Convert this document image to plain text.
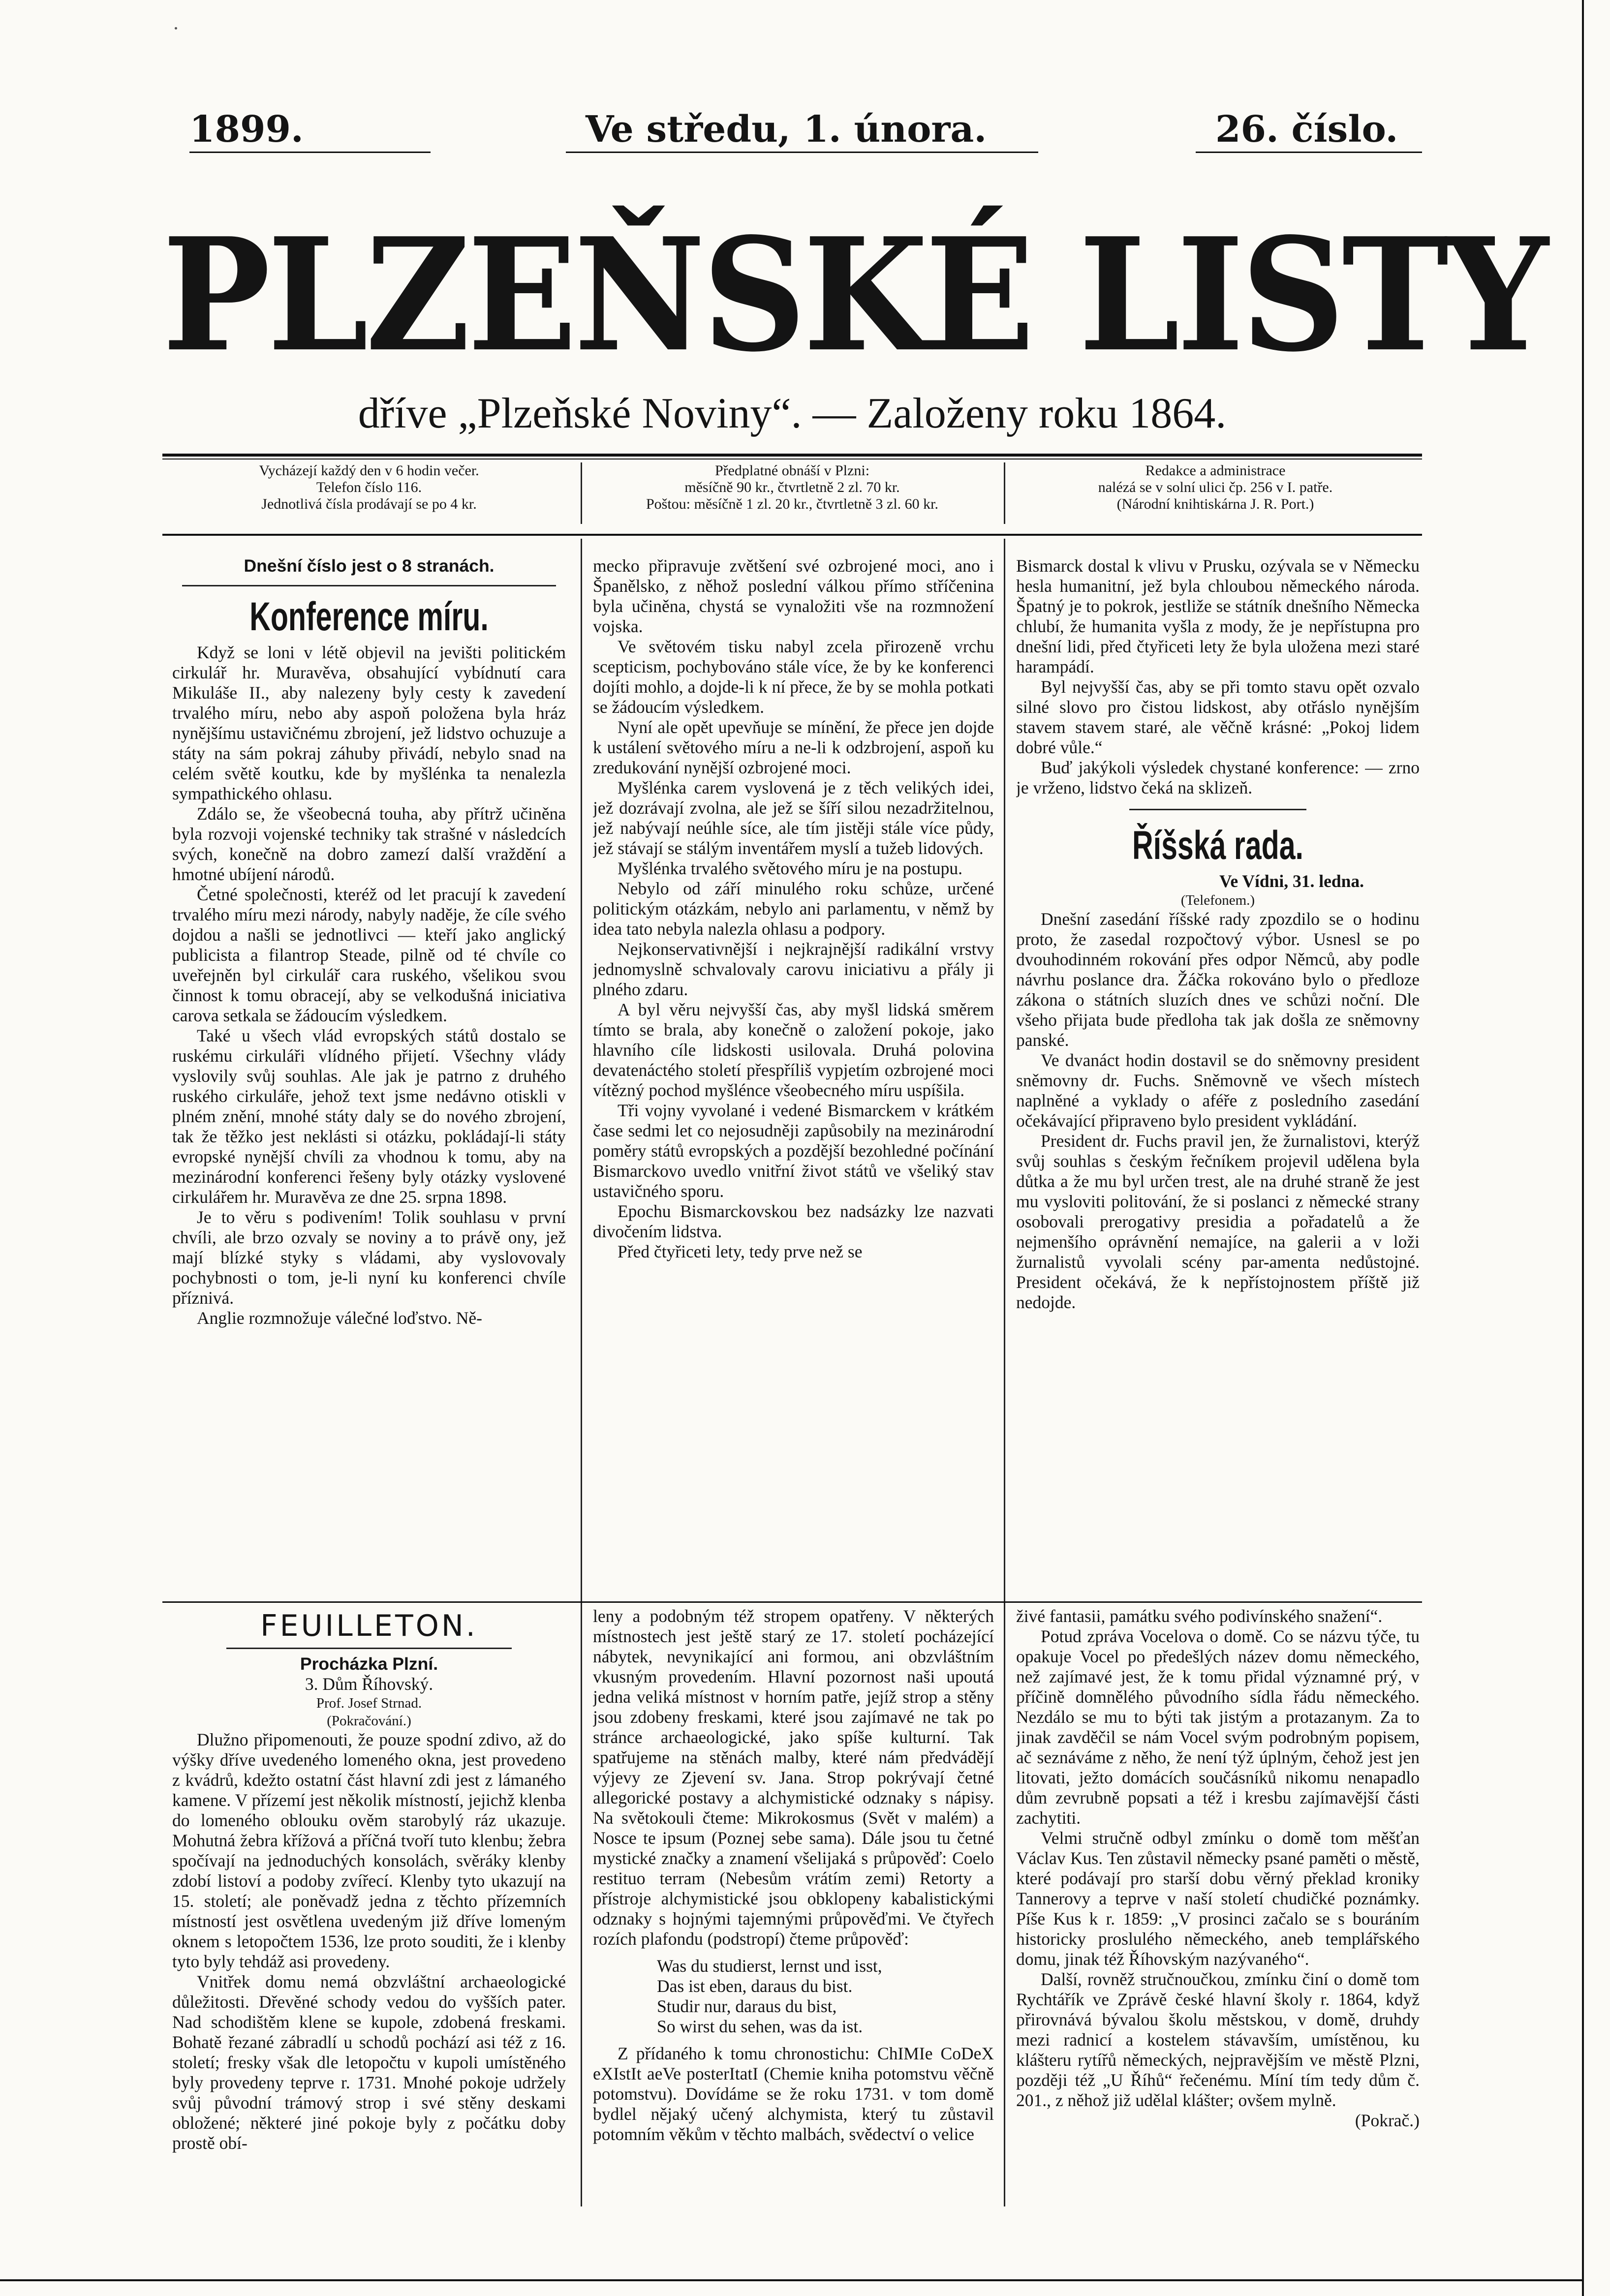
1899.	Ve středu, 1. února.	26. číslo.
PLZEŇSKÉ LISTY
dříve „Plzeňské Noviny“. — Založeny roku 1864.
Vycházejí každý den v 6 hodin večer.
Telefon číslo 116.
Jednotlivá čísla prodávají se po 4 kr.
Předplatné obnáší v Plzni:
měsíčně 90 kr., čtvrtletně 2 zl. 70 kr.
Poštou: měsíčně 1 zl. 20 kr., čtvrtletně 3 zl. 60 kr.
Redakce a administrace
nalézá se v solní ulici čp. 256 v I. patře.
(Národní knihtiskárna J. R. Port.)

Dnešní číslo jest o 8 stranách.

Konference míru.

Když se loni v létě objevil na jevišti politickém cirkulář hr. Muravěva, obsahující vybídnutí cara Mikuláše II., aby nalezeny byly cesty k zavedení trvalého míru, nebo aby aspoň položena byla hráz nynějšímu ustavičnému zbrojení, jež lidstvo ochuzuje a státy na sám pokraj záhuby přivádí, nebylo snad na celém světě koutku, kde by myšlénka ta nenalezla sympathického ohlasu.

Zdálo se, že všeobecná touha, aby přítrž učiněna byla rozvoji vojenské techniky tak strašné v následcích svých, konečně na dobro zamezí další vraždění a hmotné ubíjení národů.

Četné společnosti, kteréž od let pracují k zavedení trvalého míru mezi národy, nabyly naděje, že cíle svého dojdou a našli se jednotlivci — kteří jako anglický publicista a filantrop Steade, pilně od té chvíle co uveřejněn byl cirkulář cara ruského, všelikou svou činnost k tomu obracejí, aby se velkodušná iniciativa carova setkala se žádoucím výsledkem.

Také u všech vlád evropských států dostalo se ruskému cirkuláři vlídného přijetí. Všechny vlády vyslovily svůj souhlas. Ale jak je patrno z druhého ruského cirkuláře, jehož text jsme nedávno otiskli v plném znění, mnohé státy daly se do nového zbrojení, tak že těžko jest neklásti si otázku, pokládají-li státy evropské nynější chvíli za vhodnou k tomu, aby na mezinárodní konferenci řešeny byly otázky vyslovené cirkulářem hr. Muravěva ze dne 25. srpna 1898.

Je to věru s podivením! Tolik souhlasu v první chvíli, ale brzo ozvaly se noviny a to právě ony, jež mají blízké styky s vládami, aby vyslovovaly pochybnosti o tom, je-li nyní ku konferenci chvíle příznivá.

Anglie rozmnožuje válečné loďstvo. Ně-

mecko připravuje zvětšení své ozbrojené moci, ano i Španělsko, z něhož poslední válkou přímo stříčenina byla učiněna, chystá se vynaložiti vše na rozmnožení vojska.

Ve světovém tisku nabyl zcela přirozeně vrchu scepticism, pochybováno stále více, že by ke konferenci dojíti mohlo, a dojde-li k ní přece, že by se mohla potkati se žádoucím výsledkem.

Nyní ale opět upevňuje se mínění, že přece jen dojde k ustálení světového míru a ne-li k odzbrojení, aspoň ku zredukování nynější ozbrojené moci.

Myšlénka carem vyslovená je z těch velikých idei, jež dozrávají zvolna, ale jež se šíří silou nezadržitelnou, jež nabývají neúhle síce, ale tím jistěji stále více půdy, jež stávají se stálým inventářem myslí a tužeb lidových.

Myšlénka trvalého světového míru je na postupu.

Nebylo od září minulého roku schůze, určené politickým otázkám, nebylo ani parlamentu, v němž by idea tato nebyla nalezla ohlasu a podpory.

Nejkonservativnější i nejkrajnější radikální vrstvy jednomyslně schvalovaly carovu iniciativu a přály ji plného zdaru.

A byl věru nejvyšší čas, aby myšl lidská směrem tímto se brala, aby konečně o založení pokoje, jako hlavního cíle lidskosti usilovala. Druhá polovina devatenáctého století přespříliš vypjetím ozbrojené moci vítězný pochod myšlénce všeobecného míru uspíšila.

Tři vojny vyvolané i vedené Bismarckem v krátkém čase sedmi let co nejosudněji zapůsobily na mezinárodní poměry států evropských a pozdější bezohledné počínání Bismarckovo uvedlo vnitřní život států ve všeliký stav ustavičného sporu.

Epochu Bismarckovskou bez nadsázky lze nazvati divočením lidstva.

Před čtyřiceti lety, tedy prve než se

Bismarck dostal k vlivu v Prusku, ozývala se v Německu hesla humanitní, jež byla chloubou německého národa. Špatný je to pokrok, jestliže se státník dnešního Německa chlubí, že humanita vyšla z mody, že je nepřístupna pro dnešní lidi, před čtyřiceti lety že byla uložena mezi staré harampádí.

Byl nejvyšší čas, aby se při tomto stavu opět ozvalo silné slovo pro čistou lidskost, aby otřáslo nynějším stavem stavem staré, ale věčně krásné: „Pokoj lidem dobré vůle.“

Buď jakýkoli výsledek chystané konference: — zrno je vrženo, lidstvo čeká na sklizeň.

Říšská rada.

Ve Vídni, 31. ledna.

(Telefonem.)

Dnešní zasedání říšské rady zpozdilo se o hodinu proto, že zasedal rozpočtový výbor. Usnesl se po dvouhodinném rokování přes odpor Němců, aby podle návrhu poslance dra. Žáčka rokováno bylo o předloze zákona o státních sluzích dnes ve schůzi noční. Dle všeho přijata bude předloha tak jak došla ze sněmovny panské.

Ve dvanáct hodin dostavil se do sněmovny president sněmovny dr. Fuchs. Sněmovně ve všech místech naplněné a vyklady o aféře z posledního zasedání očekávající připraveno bylo president vykládání.

President dr. Fuchs pravil jen, že žurnalistovi, kterýž svůj souhlas s českým řečníkem projevil udělena byla důtka a že mu byl určen trest, ale na druhé straně že jest mu vysloviti politování, že si poslanci z německé strany osobovali prerogativy presidia a pořadatelů a že nejmenšího oprávnění nemajíce, na galerii a v loži žurnalistů vyvolali scény par-amenta nedůstojné. President očekává, že k nepřístojnostem příště již nedojde.

FEUILLETON.
Procházka Plzní.
3. Dům Říhovský.
Prof. Josef Strnad.
(Pokračování.)

Dlužno připomenouti, že pouze spodní zdivo, až do výšky dříve uvedeného lomeného okna, jest provedeno z kvádrů, kdežto ostatní část hlavní zdi jest z lámaného kamene. V přízemí jest několik místností, jejichž klenba do lomeného oblouku ověm starobylý ráz ukazuje. Mohutná žebra křížová a příčná tvoří tuto klenbu; žebra spočívají na jednoduchých konsolách, svěráky klenby zdobí listoví a podoby zvířecí. Klenby tyto ukazují na 15. století; ale poněvadž jedna z těchto přízemních místností jest osvětlena uvedeným již dříve lomeným oknem s letopočtem 1536, lze proto souditi, že i klenby tyto byly tehdáž asi provedeny.

Vnitřek domu nemá obzvláštní archaeologické důležitosti. Dřevěné schody vedou do vyšších pater. Nad schodištěm klene se kupole, zdobená freskami. Bohatě řezané zábradlí u schodů pochází asi též z 16. století; fresky však dle letopočtu v kupoli umístěného byly provedeny teprve r. 1731. Mnohé pokoje udržely svůj původní trámový strop i své stěny deskami obložené; některé jiné pokoje byly z počátku doby prostě obí-

leny a podobným též stropem opatřeny. V některých místnostech jest ještě starý ze 17. století pocházející nábytek, nevynikající ani formou, ani obzvláštním vkusným provedením. Hlavní pozornost naši upoutá jedna veliká místnost v horním patře, jejíž strop a stěny jsou zdobeny freskami, které jsou zajímavé ne tak po stránce archaeologické, jako spíše kulturní. Tak spatřujeme na stěnách malby, které nám předvádějí výjevy ze Zjevení sv. Jana. Strop pokrývají četné allegorické postavy a alchymistické odznaky s nápisy. Na světokouli čteme: Mikrokosmus (Svět v malém) a Nosce te ipsum (Poznej sebe sama). Dále jsou tu četné mystické značky a znamení všelijaká s průpověď: Coelo restituo terram (Nebesům vrátím zemi) Retorty a přístroje alchymistické jsou obklopeny kabalistickými odznaky s hojnými tajemnými průpověďmi. Ve čtyřech rozích plafondu (podstropí) čteme průpověď:

Was du studierst, lernst und isst,

Das ist eben, daraus du bist.

Studir nur, daraus du bist,

So wirst du sehen, was da ist.

Z přídaného k tomu chronostichu: ChIMIe CoDeX eXIstIt aeVe posterItatI (Chemie kniha potomstvu věčně potomstvu). Dovídáme se že roku 1731. v tom domě bydlel nějaký učený alchymista, který tu zůstavil potomním věkům v těchto malbách, svědectví o velice

živé fantasii, památku svého podivínského snažení“.

Potud zpráva Vocelova o domě. Co se názvu týče, tu opakuje Vocel po předešlých název domu německého, než zajímavé jest, že k tomu přidal významné prý, v příčině domnělého původního sídla řádu německého. Nezdálo se mu to býti tak jistým a protazanym. Za to jinak zavděčil se nám Vocel svým podrobným popisem, ač seznáváme z něho, že není týž úplným, čehož jest jen litovati, ježto domácích součásníků nikomu nenapadlo dům zevrubně popsati a též i kresbu zajímavější části zachytiti.

Velmi stručně odbyl zmínku o domě tom měšťan Václav Kus. Ten zůstavil německy psané paměti o městě, které podávají pro starší dobu věrný překlad kroniky Tannerovy a teprve v naší století chudičké poznámky. Píše Kus k r. 1859: „V prosinci začalo se s bouráním historicky proslulého německého, aneb templářského domu, jinak též Říhovským nazývaného“.

Další, rovněž stručnoučkou, zmínku činí o domě tom Rychtářík ve Zprávě české hlavní školy r. 1864, když přirovnává bývalou školu městskou, v domě, druhdy mezi radnicí a kostelem stávavším, umístěnou, ku klášteru rytířů německých, nejpravějším ve městě Plzni, později též „U Říhů“ řečenému. Míní tím tedy dům č. 201., z něhož již udělal klášter; ovšem mylně.

(Pokrač.)
